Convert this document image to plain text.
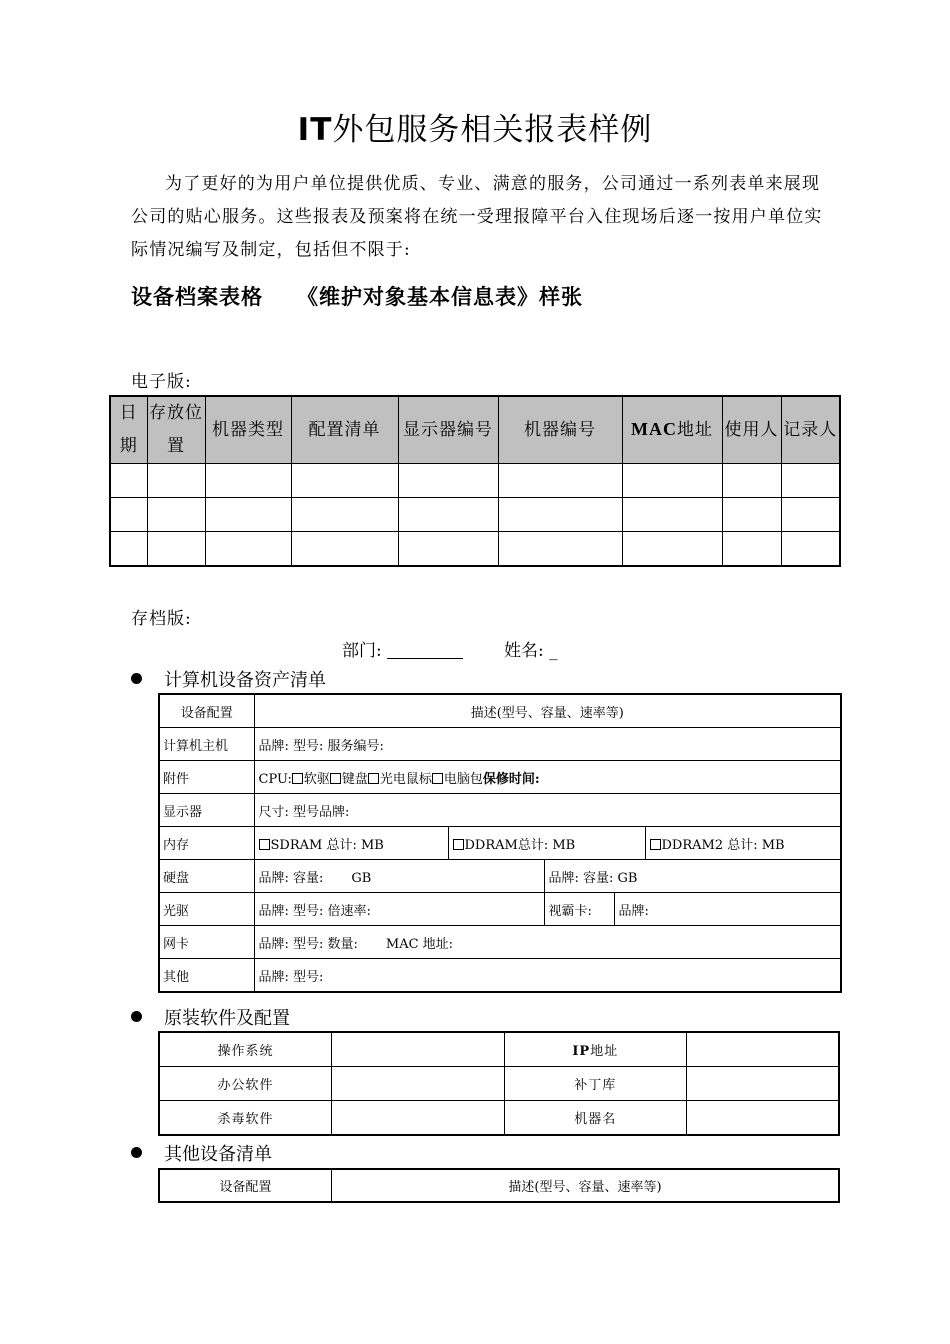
IT外包服务相关报表样例

为了更好的为用户单位提供优质、专业、满意的服务，公司通过一系列表单来展现公司的贴心服务。这些报表及预案将在统一受理报障平台入住现场后逐一按用户单位实际情况编写及制定，包括但不限于:

设备档案表格 《维护对象基本信息表》样张
电子版:
日期	存放位置	机器类型	配置清单	显示器编号	机器编号	MAC地址	使用人	记录人

存档版:
部门:	姓名: _
计算机设备资产清单
设备配置	描述(型号、容量、速率等)				
计算机主机	品牌: 型号: 服务编号:				
附件	CPU: 软驱 键盘 光电鼠标 电脑包保修时间:				
显示器	尺寸: 型号品牌:				
内存	SDRAM 总计: MB	DDRAM总计: MB			DDRAM2 总计: MB
硬盘	品牌: 容量: GB		品牌: 容量: GB		
光驱	品牌: 型号: 倍速率:		视霸卡:	品牌:	
网卡	品牌: 型号: 数量: MAC 地址:				
其他	品牌: 型号:				
原装软件及配置
操作系统		IP地址	
办公软件		补丁库	
杀毒软件		机器名	
其他设备清单
设备配置	描述(型号、容量、速率等)
